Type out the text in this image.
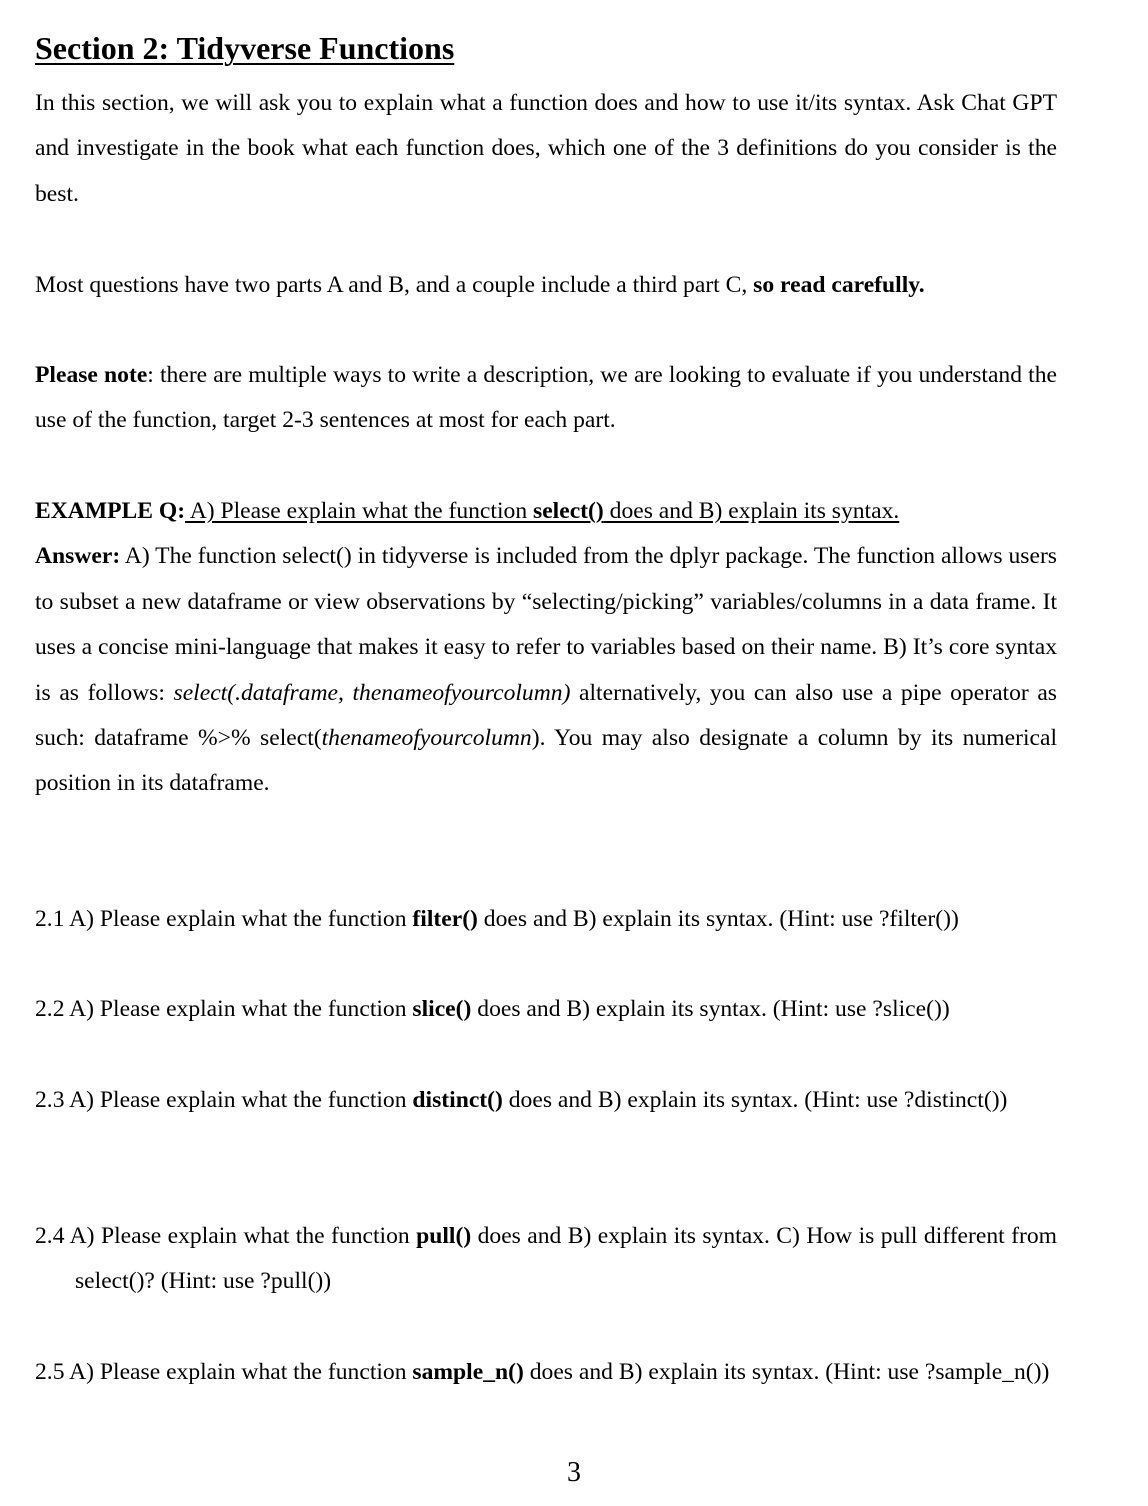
Section 2: Tidyverse Functions

In this section, we will ask you to explain what a function does and how to use it/its syntax. Ask Chat GPT and investigate in the book what each function does, which one of the 3 definitions do you consider is the best.

Most questions have two parts A and B, and a couple include a third part C, so read carefully.

Please note: there are multiple ways to write a description, we are looking to evaluate if you understand the use of the function, target 2-3 sentences at most for each part.

EXAMPLE Q: A) Please explain what the function select() does and B) explain its syntax.
Answer: A) The function select() in tidyverse is included from the dplyr package. The function allows users to subset a new dataframe or view observations by “selecting/picking” variables/columns in a data frame. It uses a concise mini-language that makes it easy to refer to variables based on their name. B) It’s core syntax is as follows: select(.dataframe, thenameofyourcolumn) alternatively, you can also use a pipe operator as such: dataframe %>% select(thenameofyourcolumn). You may also designate a column by its numerical position in its dataframe.

2.1 A) Please explain what the function filter() does and B) explain its syntax. (Hint: use ?filter())

2.2 A) Please explain what the function slice() does and B) explain its syntax. (Hint: use ?slice())

2.3 A) Please explain what the function distinct() does and B) explain its syntax. (Hint: use ?distinct())

2.4 A) Please explain what the function pull() does and B) explain its syntax. C) How is pull different from select()? (Hint: use ?pull())

2.5 A) Please explain what the function sample_n() does and B) explain its syntax. (Hint: use ?sample_n())

3
